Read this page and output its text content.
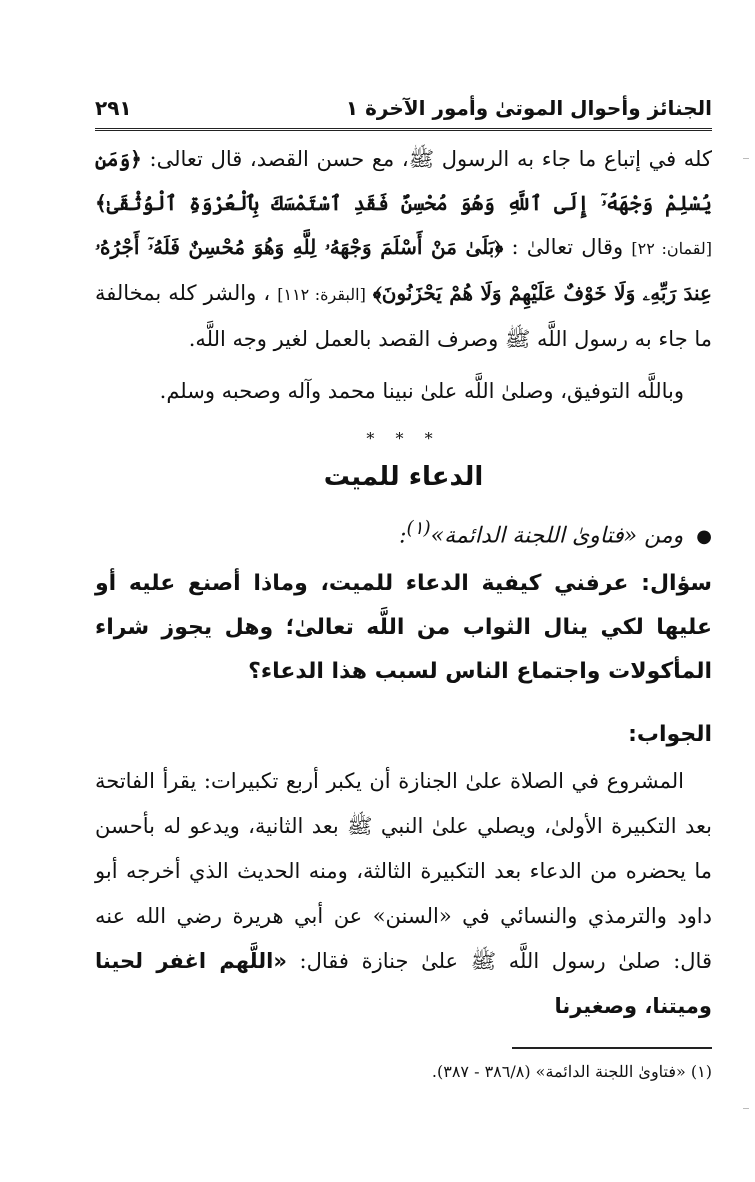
الجنائز وأحوال الموتىٰ وأمور الآخرة ١
٢٩١

كله في إتباع ما جاء به الرسول ﷺ، مع حسن القصد، قال تعالى: ﴿وَمَن يُسْلِمْ وَجْهَهُۥٓ إِلَى ٱللَّهِ وَهُوَ مُحْسِنٌ فَقَدِ ٱسْتَمْسَكَ بِٱلْعُرْوَةِ ٱلْوُثْقَىٰ﴾ [لقمان: ٢٢] وقال تعالىٰ : ﴿بَلَىٰ مَنْ أَسْلَمَ وَجْهَهُۥ لِلَّهِ وَهُوَ مُحْسِنٌ فَلَهُۥٓ أَجْرُهُۥ عِندَ رَبِّهِۦ وَلَا خَوْفٌ عَلَيْهِمْ وَلَا هُمْ يَحْزَنُونَ﴾ [البقرة: ١١٢] ، والشر كله بمخالفة ما جاء به رسول اللَّه ﷺ وصرف القصد بالعمل لغير وجه اللَّه.

وباللَّه التوفيق، وصلىٰ اللَّه علىٰ نبينا محمد وآله وصحبه وسلم.

* * *
الدعاء للميت
● ومن «فتاوىٰ اللجنة الدائمة»$^{(١)}$:

سؤال: عرفني كيفية الدعاء للميت، وماذا أصنع عليه أو عليها لكي ينال الثواب من اللَّه تعالىٰ؛ وهل يجوز شراء المأكولات واجتماع الناس لسبب هذا الدعاء؟

الجواب:

المشروع في الصلاة علىٰ الجنازة أن يكبر أربع تكبيرات: يقرأ الفاتحة بعد التكبيرة الأولىٰ، ويصلي علىٰ النبي ﷺ بعد الثانية، ويدعو له بأحسن ما يحضره من الدعاء بعد التكبيرة الثالثة، ومنه الحديث الذي أخرجه أبو داود والترمذي والنسائي في «السنن» عن أبي هريرة رضي الله عنه قال: صلىٰ رسول اللَّه ﷺ علىٰ جنازة فقال: «اللَّهم اغفر لحينا وميتنا، وصغيرنا

(١) «فتاوىٰ اللجنة الدائمة» (٣٨٦/٨ - ٣٨٧).
